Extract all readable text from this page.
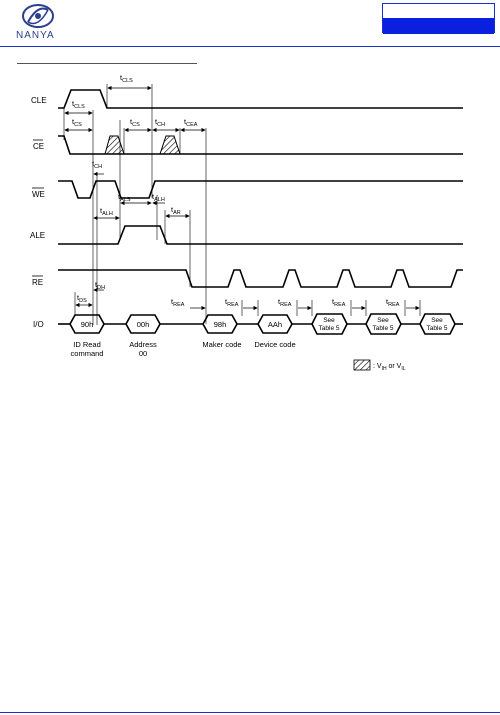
NANYA
CLE
CE
WE
ALE
RE
I/O	90h	00h	98h	AAh	See
Table 5
See
Table 5
See
Table 5
ID Read
command
Address
00
Maker code Device code
$t_{CLS}$
$t_{CLS}$
$t_{CS}$	$t_{CS}$ $t_{CH}$	$t_{CEA}$
$t_{CH}$
$t_{ALS}$	$t_{ALH}$
$t_{ALH}$	$t_{AR}$
$t_{DS}$
$t_{DH}$
$t_{REA}$	$t_{REA}$	$t_{REA}$	$t_{REA}$	$t_{REA}$
: $V_{IH}$ or $V_{IL}$
